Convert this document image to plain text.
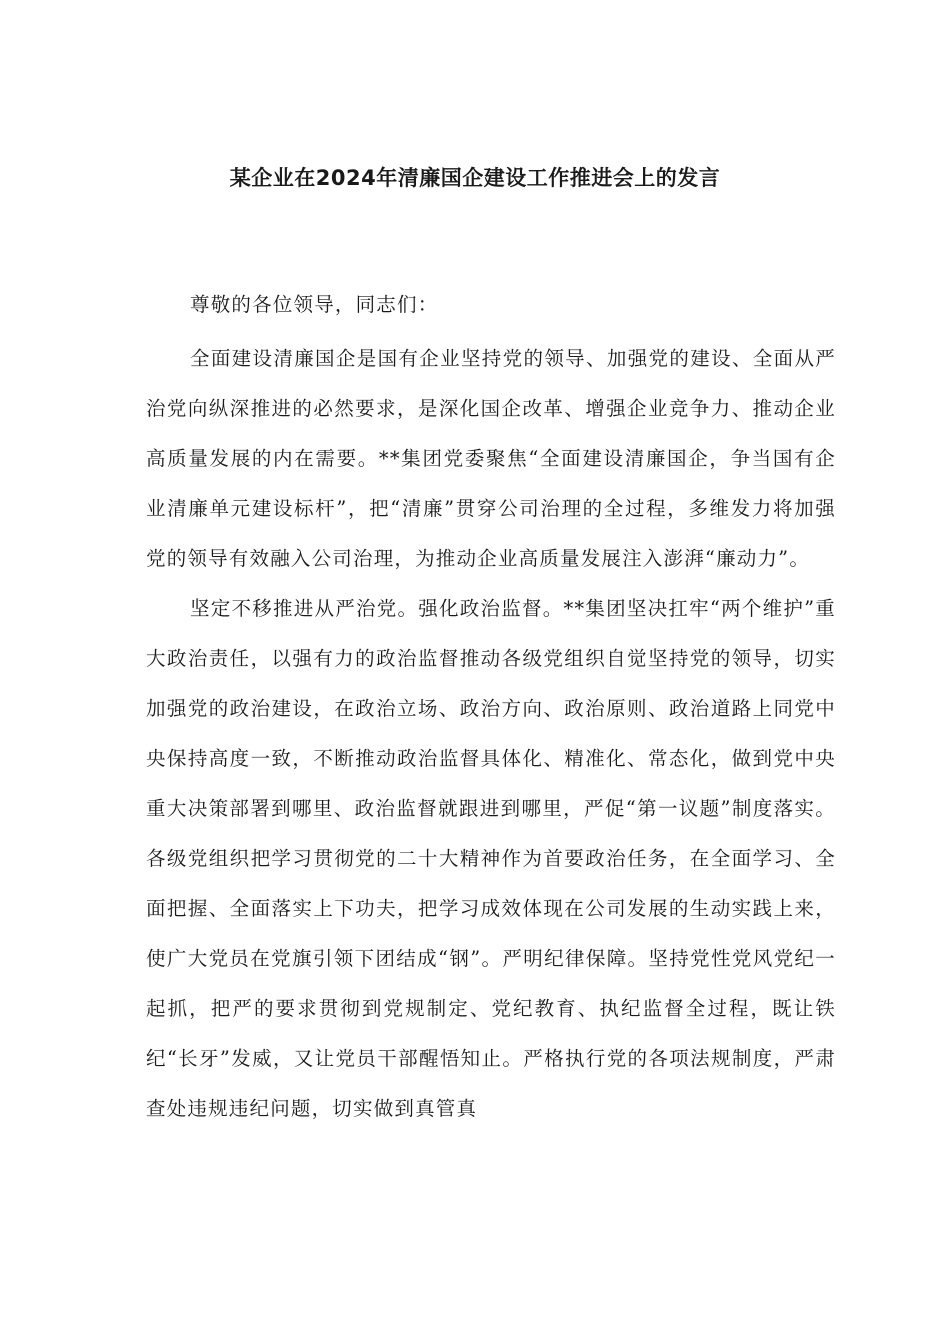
某企业在2024年清廉国企建设工作推进会上的发言

尊敬的各位领导，同志们：

全面建设清廉国企是国有企业坚持党的领导、加强党的建设、全面从严治党向纵深推进的必然要求，是深化国企改革、增强企业竞争力、推动企业高质量发展的内在需要。**集团党委聚焦“全面建设清廉国企，争当国有企业清廉单元建设标杆”，把“清廉”贯穿公司治理的全过程，多维发力将加强党的领导有效融入公司治理，为推动企业高质量发展注入澎湃“廉动力”。

坚定不移推进从严治党。强化政治监督。**集团坚决扛牢“两个维护”重大政治责任，以强有力的政治监督推动各级党组织自觉坚持党的领导，切实加强党的政治建设，在政治立场、政治方向、政治原则、政治道路上同党中央保持高度一致，不断推动政治监督具体化、精准化、常态化，做到党中央重大决策部署到哪里、政治监督就跟进到哪里，严促“第一议题”制度落实。各级党组织把学习贯彻党的二十大精神作为首要政治任务，在全面学习、全面把握、全面落实上下功夫，把学习成效体现在公司发展的生动实践上来，使广大党员在党旗引领下团结成“钢”。严明纪律保障。坚持党性党风党纪一起抓，把严的要求贯彻到党规制定、党纪教育、执纪监督全过程，既让铁纪“长牙”发威，又让党员干部醒悟知止。严格执行党的各项法规制度，严肃查处违规违纪问题，切实做到真管真
